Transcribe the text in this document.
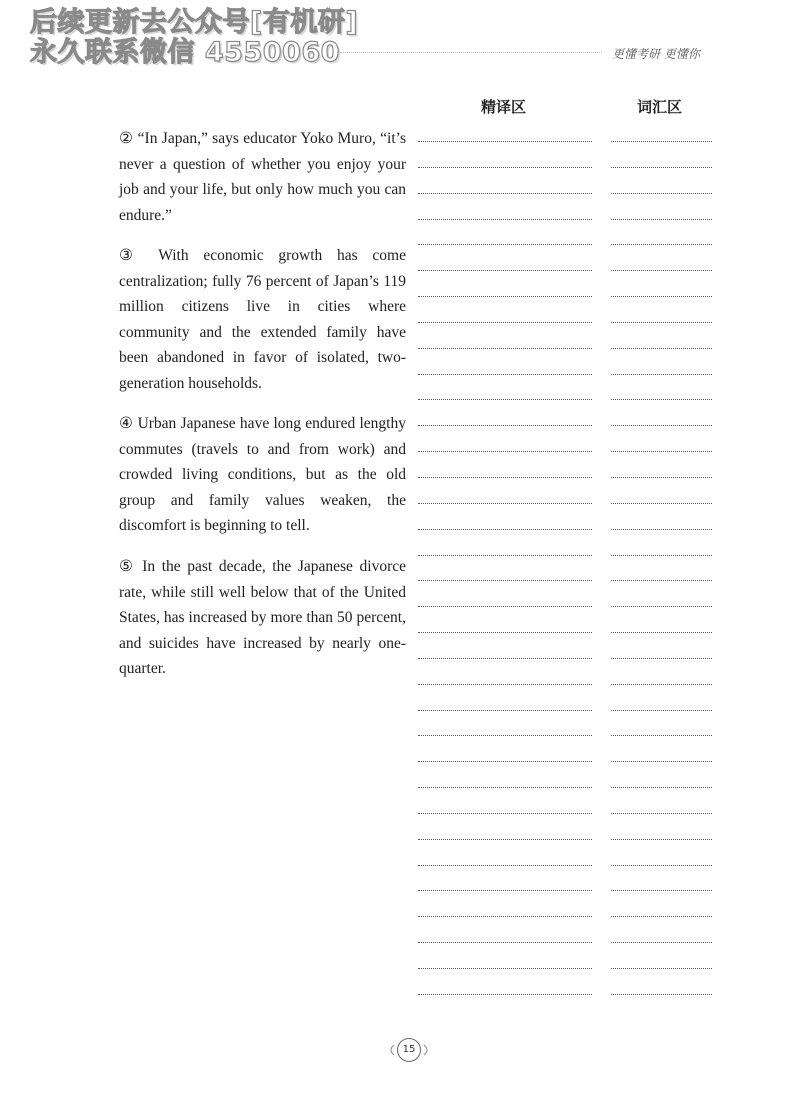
后续更新去公众号[有机研]
永久联系微信 4550060	更懂考研 更懂你
精译区	词汇区
② “In Japan,” says educator Yoko Muro, “it’s never a question of whether you enjoy your job and your life, but only how much you can endure.”
③ With economic growth has come centralization; fully 76 percent of Japan’s 119 million citizens live in cities where community and the extended family have been abandoned in favor of isolated, two-generation households.
④ Urban Japanese have long endured lengthy commutes (travels to and from work) and crowded living conditions, but as the old group and family values weaken, the discomfort is beginning to tell.
⑤ In the past decade, the Japanese divorce rate, while still well below that of the United States, has increased by more than 50 percent, and suicides have increased by nearly one-quarter.
15
